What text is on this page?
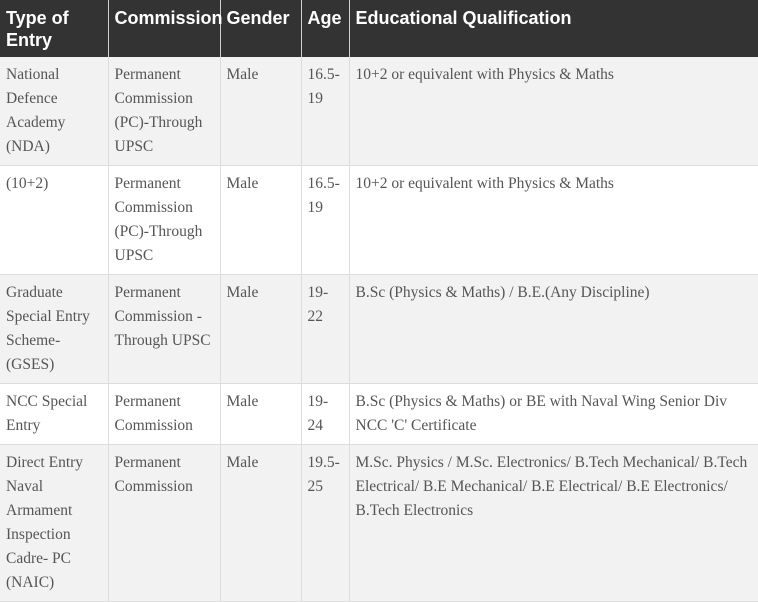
Type of Entry	Commission	Gender	Age	Educational Qualification
National Defence Academy (NDA)	Permanent Commission (PC)-Through UPSC	Male	16.5-19	10+2 or equivalent with Physics & Maths
(10+2)	Permanent Commission (PC)-Through UPSC	Male	16.5-19	10+2 or equivalent with Physics & Maths
Graduate Special Entry Scheme-(GSES)	Permanent Commission - Through UPSC	Male	19-22	B.Sc (Physics & Maths) / B.E.(Any Discipline)
NCC Special Entry	Permanent Commission	Male	19-24	B.Sc (Physics & Maths) or BE with Naval Wing Senior Div NCC 'C' Certificate
Direct Entry Naval Armament Inspection Cadre- PC (NAIC)	Permanent Commission	Male	19.5-25	M.Sc. Physics / M.Sc. Electronics/ B.Tech Mechanical/ B.Tech Electrical/ B.E Mechanical/ B.E Electrical/ B.E Electronics/ B.Tech Electronics
